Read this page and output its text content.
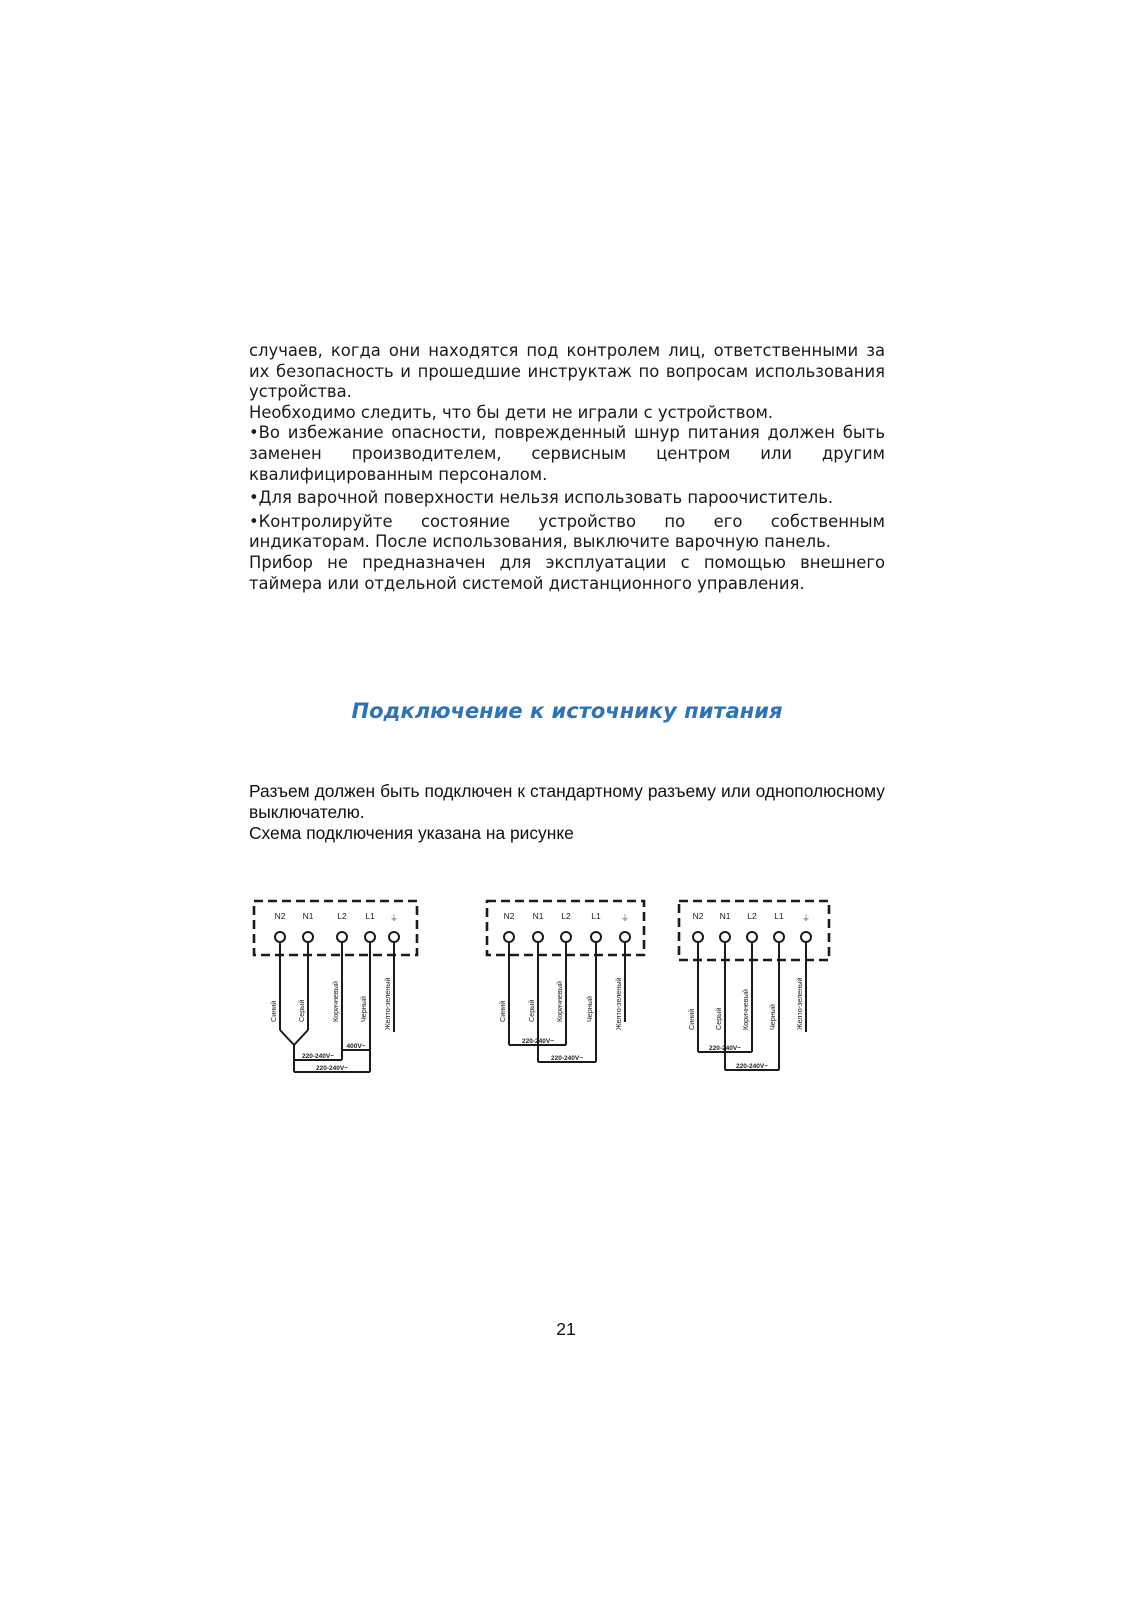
случаев, когда они находятся под контролем лиц, ответственными за их безопасность и прошедшие инструктаж по вопросам использования устройства.

Необходимо следить, что бы дети не играли с устройством.

•Во избежание опасности, поврежденный шнур питания должен быть заменен производителем, сервисным центром или другим квалифицированным персоналом.

•Для варочной поверхности нельзя использовать пароочиститель.

•Контролируйте состояние устройство по его собственным индикаторам. После использования, выключите варочную панель.

Прибор не предназначен для эксплуатации с помощью внешнего таймера или отдельной системой дистанционного управления.

Подключение к источнику питания

Разъем должен быть подключен к стандартному разъему или однополюсному выключателю.

Схема подключения указана на рисунке

N2 N1	L2 L1 ⏚
Синий	Серый	Коричневый	Черный Желто-зеленый
220-240V~
400V~
220-240V~
N2 N1 L2 L1 ⏚
Синий	Серый	Коричневый	Черный	Желто-зеленый
220-240V~
220-240V~
N2 N1 L2 L1 ⏚
Синий	Серый	Коричневый	Черный	Желто-зеленый
220-240V~
220-240V~
21
